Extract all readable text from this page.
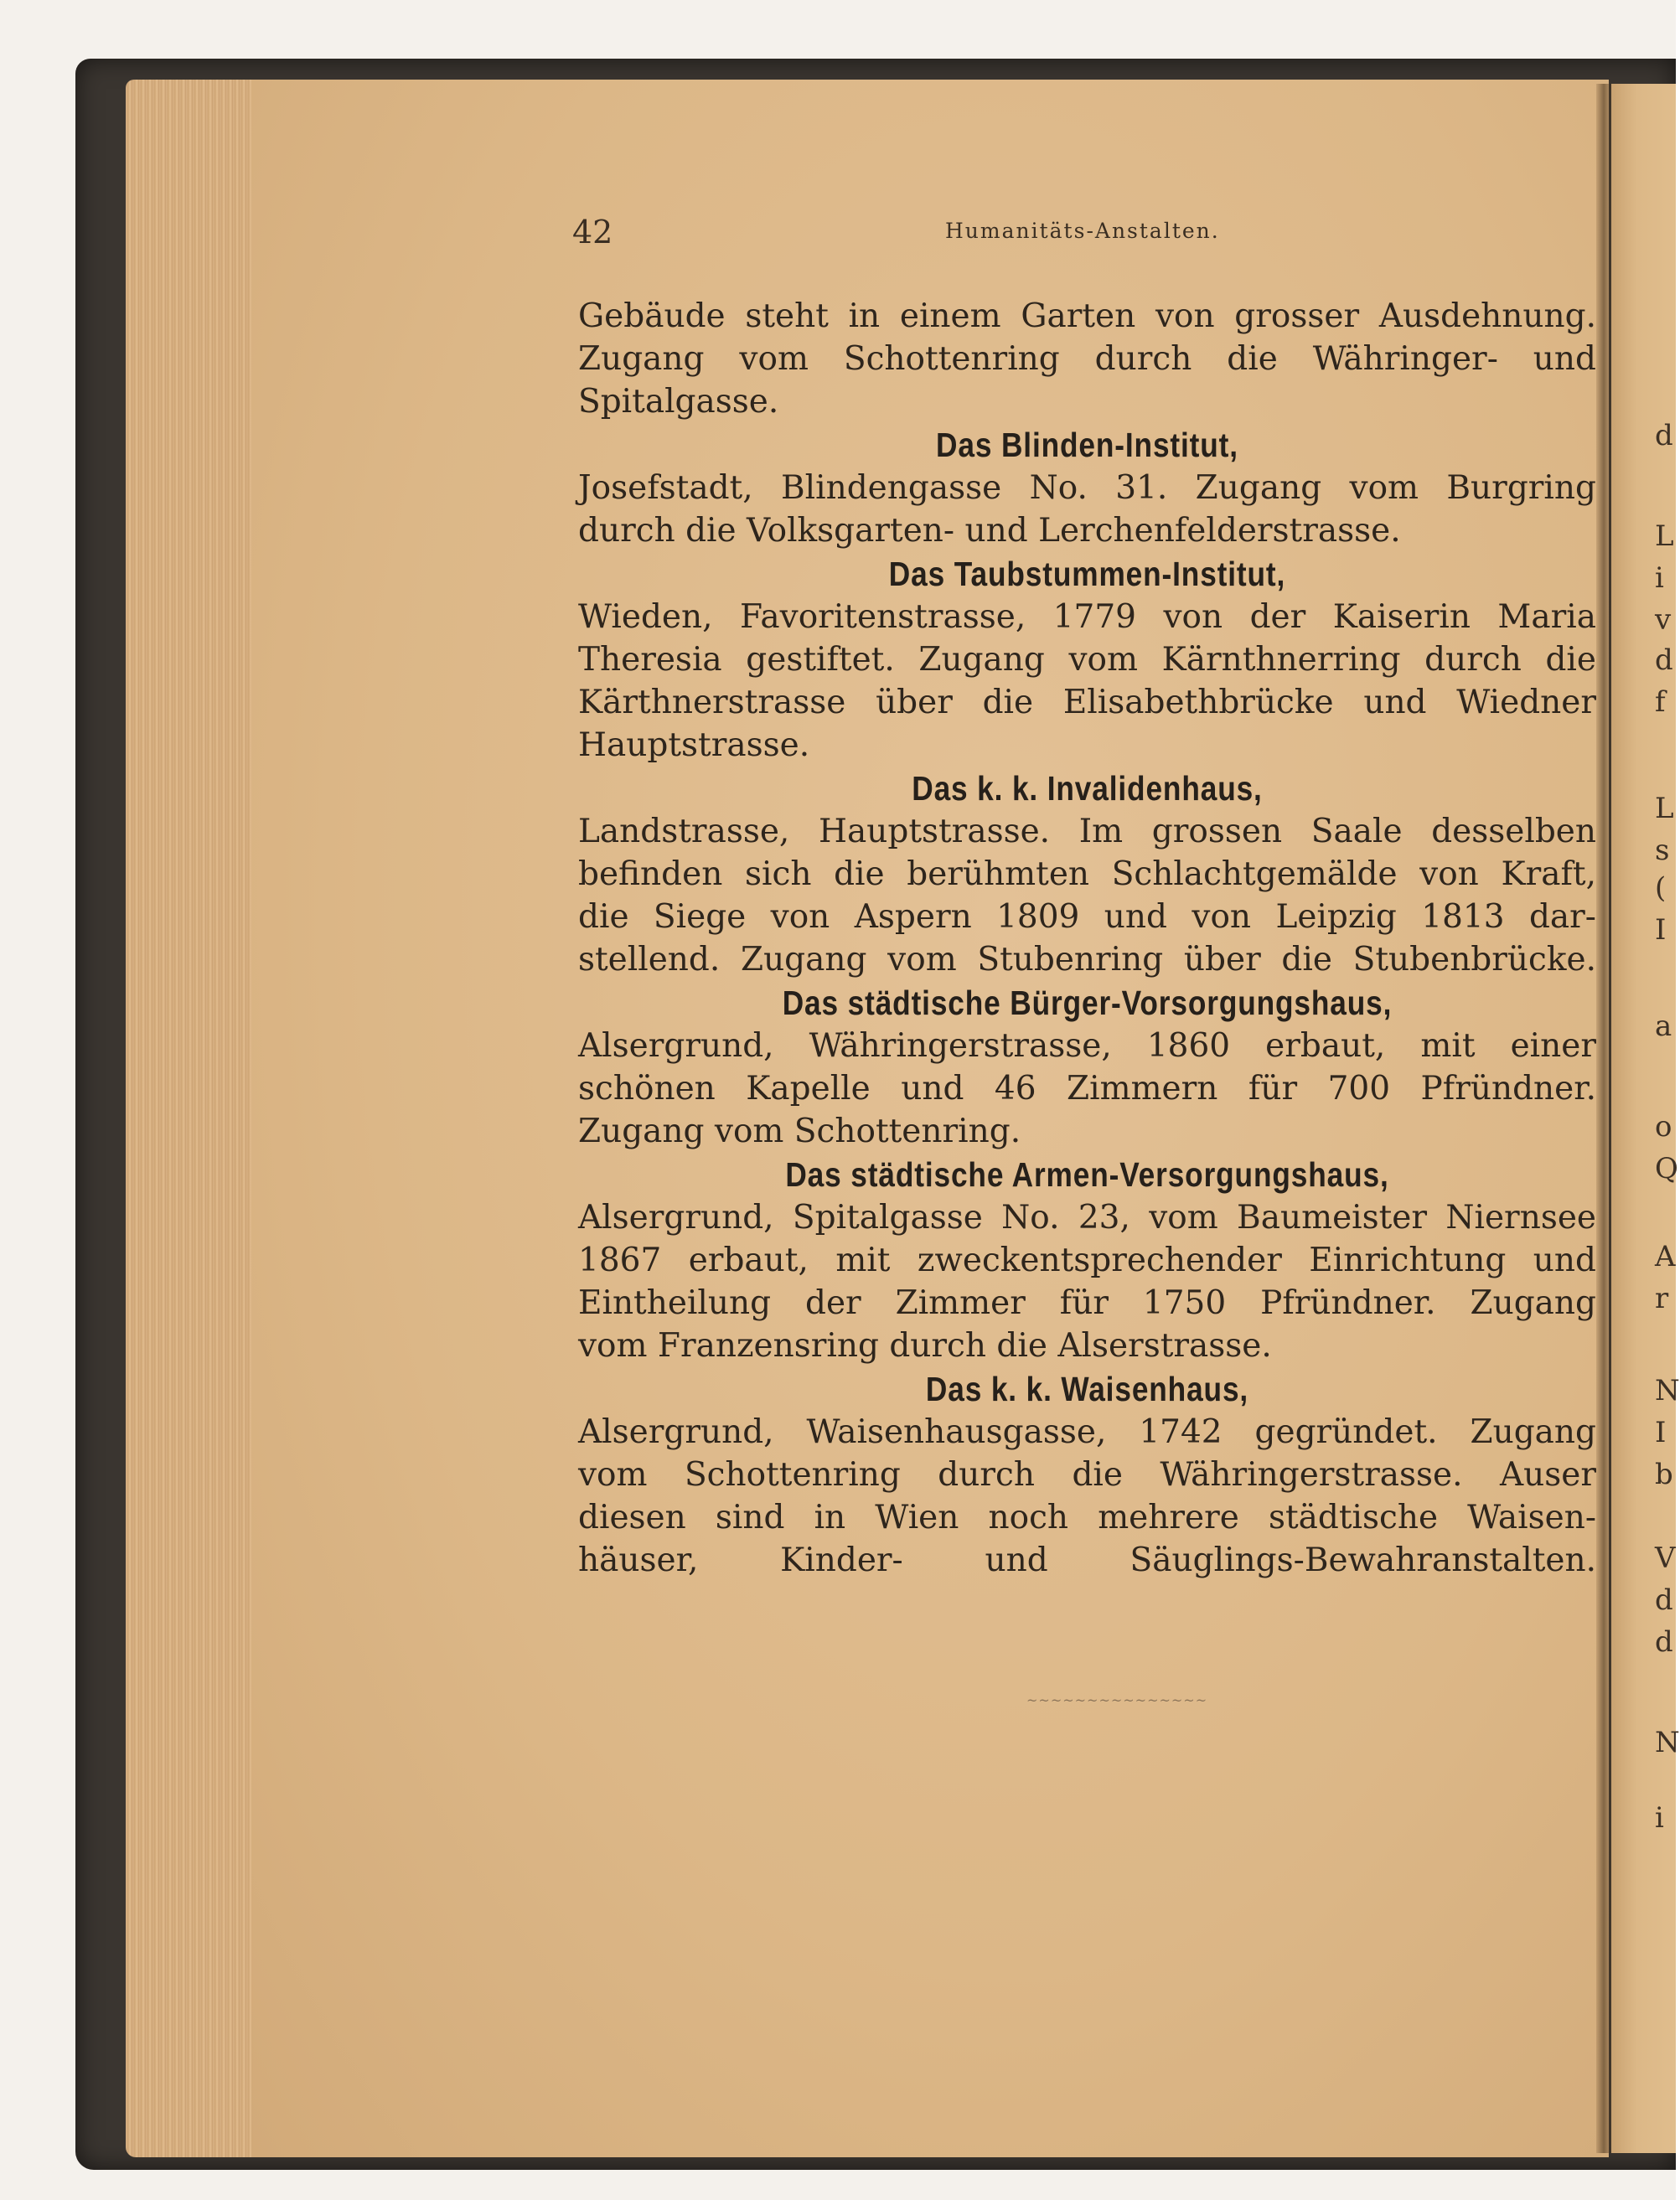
d
L
i
v
d
f
L
s
(
I
a
o
Q
A
r
N
I
b
V
d
d
N
i
42	Humanitäts-Anstalten.

Gebäude steht in einem Garten von grosser Ausdehnung.
Zugang vom Schottenring durch die Währinger- und
Spitalgasse.

Das Blinden-Institut,

Josefstadt, Blindengasse No. 31. Zugang vom Burgring
durch die Volksgarten- und Lerchenfelderstrasse.

Das Taubstummen-Institut,

Wieden, Favoritenstrasse, 1779 von der Kaiserin Maria
Theresia gestiftet. Zugang vom Kärnthnerring durch die
Kärthnerstrasse über die Elisabethbrücke und Wiedner
Hauptstrasse.

Das k. k. Invalidenhaus,

Landstrasse, Hauptstrasse. Im grossen Saale desselben
befinden sich die berühmten Schlachtgemälde von Kraft,
die Siege von Aspern 1809 und von Leipzig 1813 dar-
stellend. Zugang vom Stubenring über die Stubenbrücke.

Das städtische Bürger-Vorsorgungshaus,

Alsergrund, Währingerstrasse, 1860 erbaut, mit einer
schönen Kapelle und 46 Zimmern für 700 Pfründner.
Zugang vom Schottenring.

Das städtische Armen-Versorgungshaus,

Alsergrund, Spitalgasse No. 23, vom Baumeister Niernsee
1867 erbaut, mit zweckentsprechender Einrichtung und
Eintheilung der Zimmer für 1750 Pfründner. Zugang
vom Franzensring durch die Alserstrasse.

Das k. k. Waisenhaus,

Alsergrund, Waisenhausgasse, 1742 gegründet. Zugang
vom Schottenring durch die Währingerstrasse. Auser
diesen sind in Wien noch mehrere städtische Waisen-
häuser, Kinder- und Säuglings-Bewahranstalten.

~~~~~~~~~~~~~~~
